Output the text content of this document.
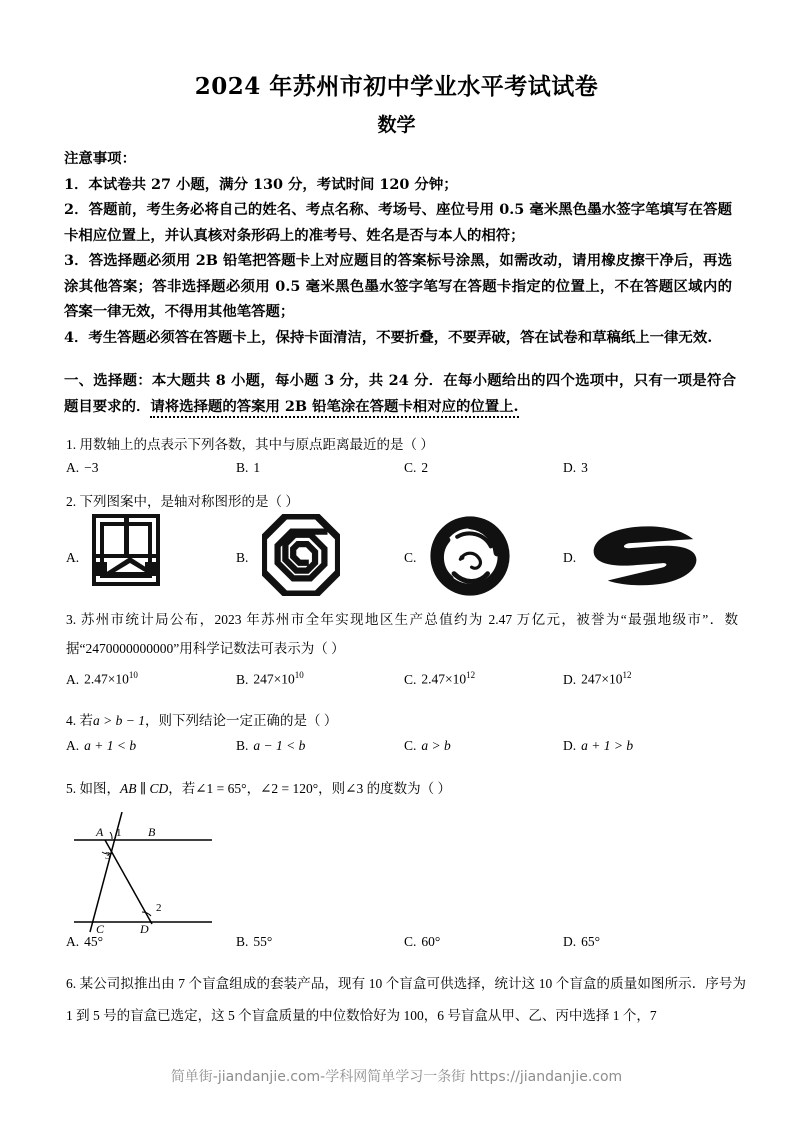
2024 年苏州市初中学业水平考试试卷
数学

注意事项：

1．本试卷共 27 小题，满分 130 分，考试时间 120 分钟；

2．答题前，考生务必将自己的姓名、考点名称、考场号、座位号用 0.5 毫米黑色墨水签字笔填写在答题卡相应位置上，并认真核对条形码上的准考号、姓名是否与本人的相符；

3．答选择题必须用 2B 铅笔把答题卡上对应题目的答案标号涂黑，如需改动，请用橡皮擦干净后，再选涂其他答案；答非选择题必须用 0.5 毫米黑色墨水签字笔写在答题卡指定的位置上，不在答题区域内的答案一律无效，不得用其他笔答题；

4．考生答题必须答在答题卡上，保持卡面清洁，不要折叠，不要弄破，答在试卷和草稿纸上一律无效.

一、选择题：本大题共 8 小题，每小题 3 分，共 24 分．在每小题给出的四个选项中，只有一项是符合题目要求的．请将选择题的答案用 2B 铅笔涂在答题卡相对应的位置上.
1. 用数轴上的点表示下列各数，其中与原点距离最近的是（ ）
A. −3	B. 1	C. 2	D. 3
2. 下列图案中，是轴对称图形的是（ ）
A.	B.	C.	D.
3. 苏州市统计局公布，2023 年苏州市全年实现地区生产总值约为 2.47 万亿元，被誉为“最强地级市”．数据“2470000000000”用科学记数法可表示为（ ）
A. $2.47\times 10^{10}$	B. $247\times 10^{10}$	C. $2.47\times 10^{12}$	D. $247\times 10^{12}$
4. 若a > b − 1，则下列结论一定正确的是（ ）
A. a + 1 < b	B. a − 1 < b	C. a > b	D. a + 1 > b
5. 如图，AB ∥ CD，若∠1 = 65°，∠2 = 120°，则∠3 的度数为（ ）
A	B
C	D
1
2
3
A. 45°	B. 55°	C. 60°	D. 65°
6. 某公司拟推出由 7 个盲盒组成的套装产品，现有 10 个盲盒可供选择，统计这 10 个盲盒的质量如图所示．序号为 1 到 5 号的盲盒已选定，这 5 个盲盒质量的中位数恰好为 100，6 号盲盒从甲、乙、丙中选择 1 个，7
简单街-jiandanjie.com-学科网简单学习一条街 https://jiandanjie.com
